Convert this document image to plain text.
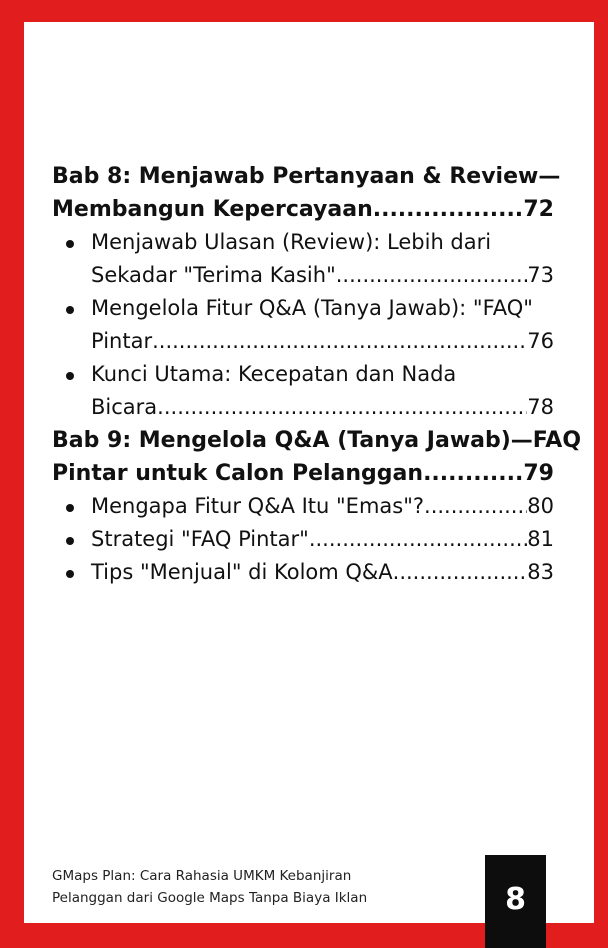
Bab 8: Menjawab Pertanyaan & Review—
Membangun Kepercayaan .....	72
Menjawab Ulasan (Review): Lebih dari
Sekadar "Terima Kasih" .....	73
Mengelola Fitur Q&A (Tanya Jawab): "FAQ"
Pintar .....	76
Kunci Utama: Kecepatan dan Nada
Bicara .....	78
Bab 9: Mengelola Q&A (Tanya Jawab)—FAQ
Pintar untuk Calon Pelanggan .....	79
Mengapa Fitur Q&A Itu "Emas"? .....	80
Strategi "FAQ Pintar" .....	81
Tips "Menjual" di Kolom Q&A .....	83
GMaps Plan: Cara Rahasia UMKM Kebanjiran
Pelanggan dari Google Maps Tanpa Biaya Iklan	8
